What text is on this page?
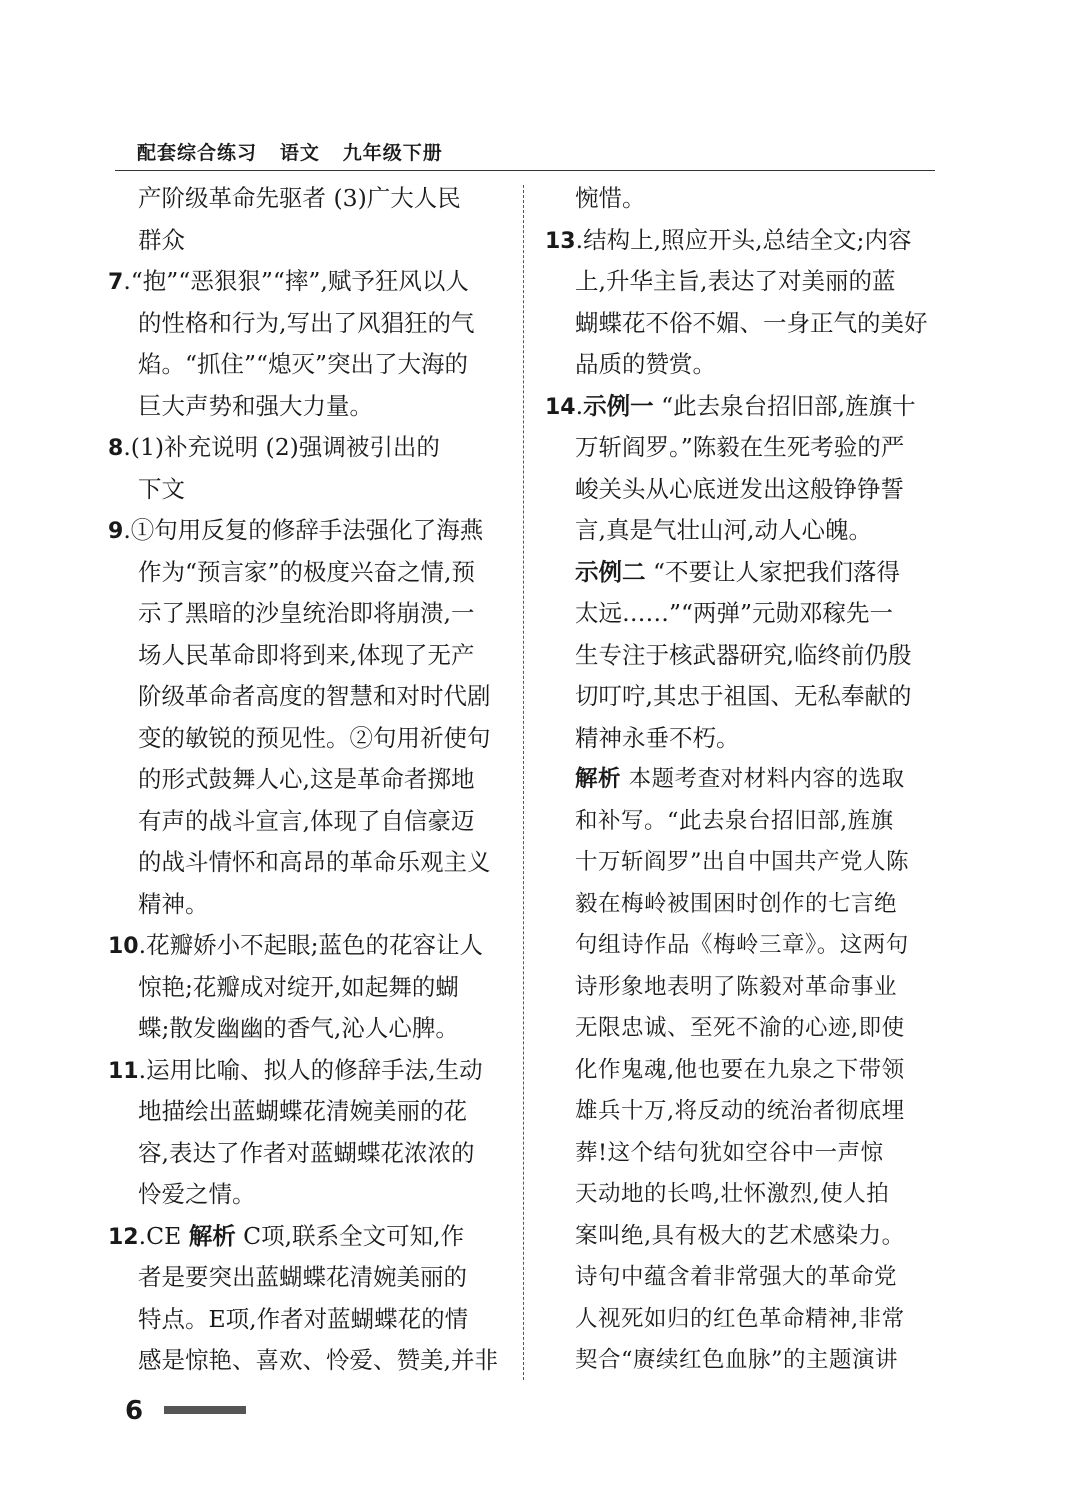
配套综合练习   语文   九年级下册
产阶级革命先驱者 (3)广大人民
群众
7.“抱”“恶狠狠”“摔”,赋予狂风以人
的性格和行为,写出了风猖狂的气
焰。“抓住”“熄灭”突出了大海的
巨大声势和强大力量。
8.(1)补充说明 (2)强调被引出的
下文
9.①句用反复的修辞手法强化了海燕
作为“预言家”的极度兴奋之情,预
示了黑暗的沙皇统治即将崩溃,一
场人民革命即将到来,体现了无产
阶级革命者高度的智慧和对时代剧
变的敏锐的预见性。②句用祈使句
的形式鼓舞人心,这是革命者掷地
有声的战斗宣言,体现了自信豪迈
的战斗情怀和高昂的革命乐观主义
精神。
10.花瓣娇小不起眼;蓝色的花容让人
惊艳;花瓣成对绽开,如起舞的蝴
蝶;散发幽幽的香气,沁人心脾。
11.运用比喻、拟人的修辞手法,生动
地描绘出蓝蝴蝶花清婉美丽的花
容,表达了作者对蓝蝴蝶花浓浓的
怜爱之情。
12.CE 解析 C项,联系全文可知,作
者是要突出蓝蝴蝶花清婉美丽的
特点。E项,作者对蓝蝴蝶花的情
感是惊艳、喜欢、怜爱、赞美,并非
惋惜。
13.结构上,照应开头,总结全文;内容
上,升华主旨,表达了对美丽的蓝
蝴蝶花不俗不媚、一身正气的美好
品质的赞赏。
14.示例一 “此去泉台招旧部,旌旗十
万斩阎罗。”陈毅在生死考验的严
峻关头从心底迸发出这般铮铮誓
言,真是气壮山河,动人心魄。
示例二 “不要让人家把我们落得
太远……”“两弹”元勋邓稼先一
生专注于核武器研究,临终前仍殷
切叮咛,其忠于祖国、无私奉献的
精神永垂不朽。
解析 本题考查对材料内容的选取
和补写。“此去泉台招旧部,旌旗
十万斩阎罗”出自中国共产党人陈
毅在梅岭被围困时创作的七言绝
句组诗作品《梅岭三章》。这两句
诗形象地表明了陈毅对革命事业
无限忠诚、至死不渝的心迹,即使
化作鬼魂,他也要在九泉之下带领
雄兵十万,将反动的统治者彻底埋
葬!这个结句犹如空谷中一声惊
天动地的长鸣,壮怀激烈,使人拍
案叫绝,具有极大的艺术感染力。
诗句中蕴含着非常强大的革命党
人视死如归的红色革命精神,非常
契合“赓续红色血脉”的主题演讲
6
